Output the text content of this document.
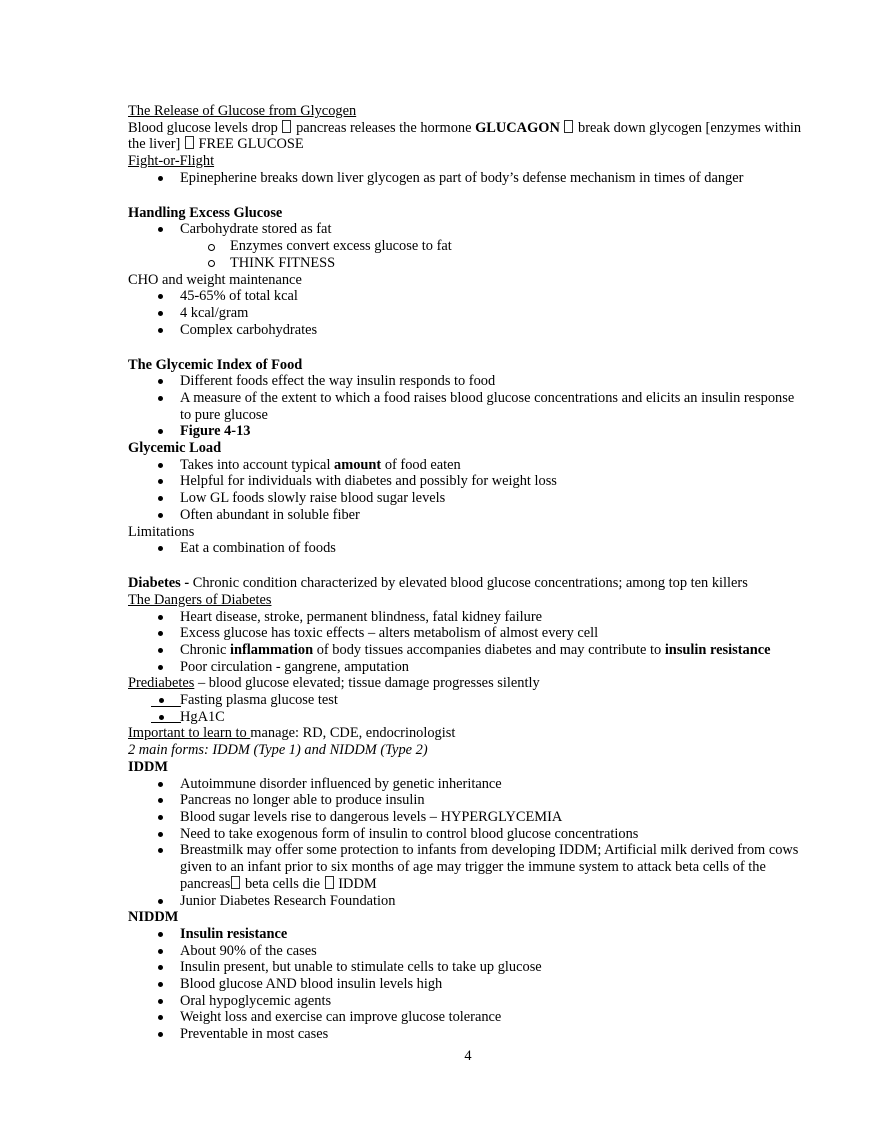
The Release of Glucose from Glycogen
Blood glucose levels drop  pancreas releases the hormone GLUCAGON  break down glycogen [enzymes within the liver]  FREE GLUCOSE
Fight-or-Flight
Epinepherine breaks down liver glycogen as part of body’s defense mechanism in times of danger

Handling Excess Glucose
Carbohydrate stored as fat
Enzymes convert excess glucose to fat
THINK FITNESS
CHO and weight maintenance
45-65% of total kcal
4 kcal/gram
Complex carbohydrates

The Glycemic Index of Food
Different foods effect the way insulin responds to food
A measure of the extent to which a food raises blood glucose concentrations and elicits an insulin response to pure glucose
Figure 4-13
Glycemic Load
Takes into account typical amount of food eaten
Helpful for individuals with diabetes and possibly for weight loss
Low GL foods slowly raise blood sugar levels
Often abundant in soluble fiber
Limitations
Eat a combination of foods

Diabetes - Chronic condition characterized by elevated blood glucose concentrations; among top ten killers
The Dangers of Diabetes
Heart disease, stroke, permanent blindness, fatal kidney failure
Excess glucose has toxic effects – alters metabolism of almost every cell
Chronic inflammation of body tissues accompanies diabetes and may contribute to insulin resistance
Poor circulation - gangrene, amputation
Prediabetes – blood glucose elevated; tissue damage progresses silently
Fasting plasma glucose test
HgA1C
Important to learn to manage: RD, CDE, endocrinologist
2 main forms: IDDM (Type 1) and NIDDM (Type 2)
IDDM
Autoimmune disorder influenced by genetic inheritance
Pancreas no longer able to produce insulin
Blood sugar levels rise to dangerous levels – HYPERGLYCEMIA
Need to take exogenous form of insulin to control blood glucose concentrations
Breastmilk may offer some protection to infants from developing IDDM; Artificial milk derived from cows given to an infant prior to six months of age may trigger the immune system to attack beta cells of the pancreas beta cells die  IDDM
Junior Diabetes Research Foundation
NIDDM
Insulin resistance
About 90% of the cases
Insulin present, but unable to stimulate cells to take up glucose
Blood glucose AND blood insulin levels high
Oral hypoglycemic agents
Weight loss and exercise can improve glucose tolerance
Preventable in most cases
4
